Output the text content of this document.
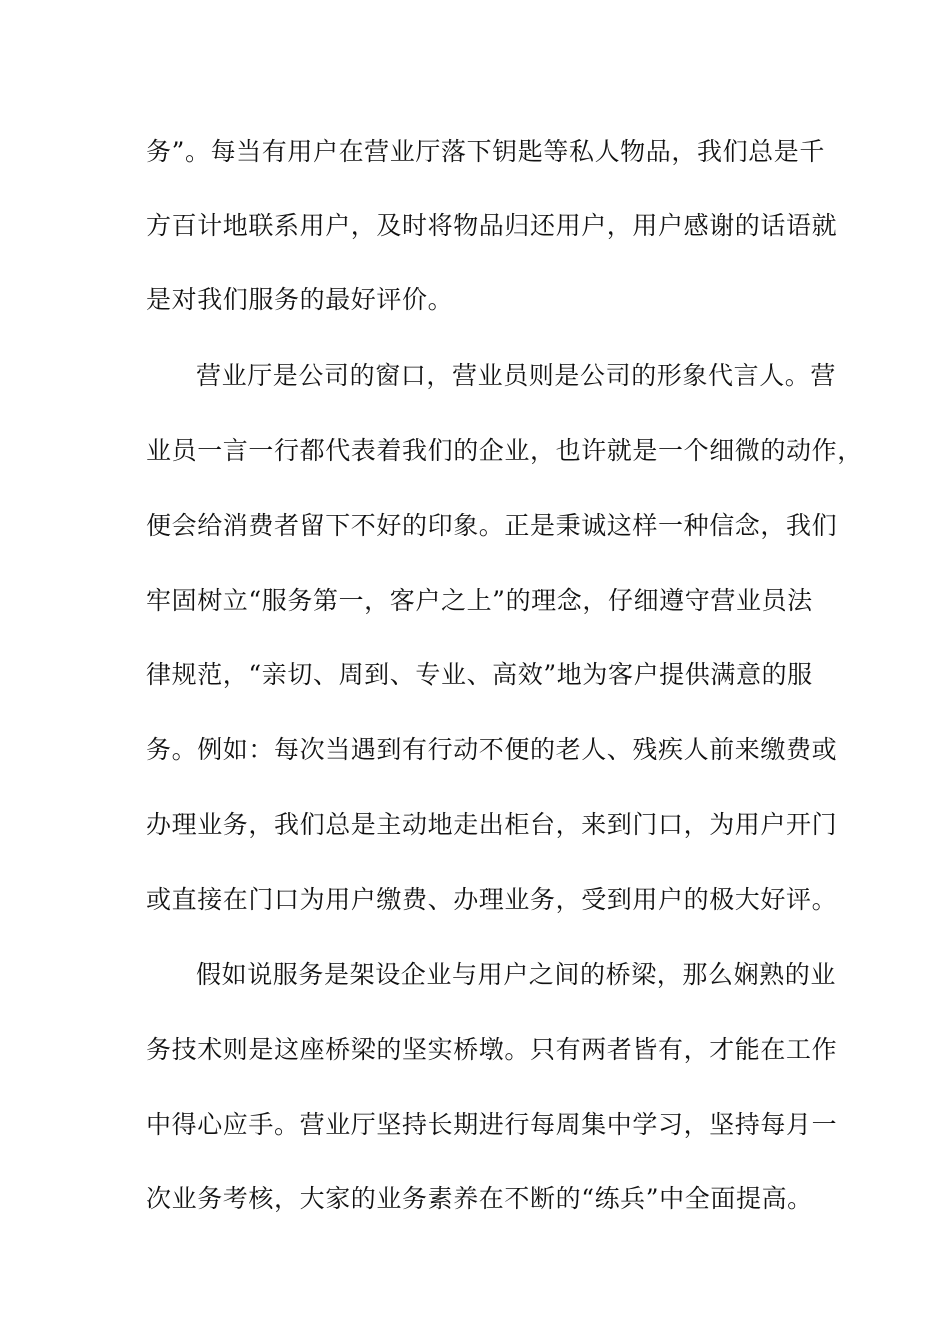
务”。每当有用户在营业厅落下钥匙等私人物品，我们总是千
方百计地联系用户，及时将物品归还用户，用户感谢的话语就
是对我们服务的最好评价。
营业厅是公司的窗口，营业员则是公司的形象代言人。营
业员一言一行都代表着我们的企业，也许就是一个细微的动作，
便会给消费者留下不好的印象。正是秉诚这样一种信念，我们
牢固树立“服务第一，客户之上”的理念，仔细遵守营业员法
律规范，“亲切、周到、专业、高效”地为客户提供满意的服
务。例如：每次当遇到有行动不便的老人、残疾人前来缴费或
办理业务，我们总是主动地走出柜台，来到门口，为用户开门
或直接在门口为用户缴费、办理业务，受到用户的极大好评。
假如说服务是架设企业与用户之间的桥梁，那么娴熟的业
务技术则是这座桥梁的坚实桥墩。只有两者皆有，才能在工作
中得心应手。营业厅坚持长期进行每周集中学习，坚持每月一
次业务考核，大家的业务素养在不断的“练兵”中全面提高。
